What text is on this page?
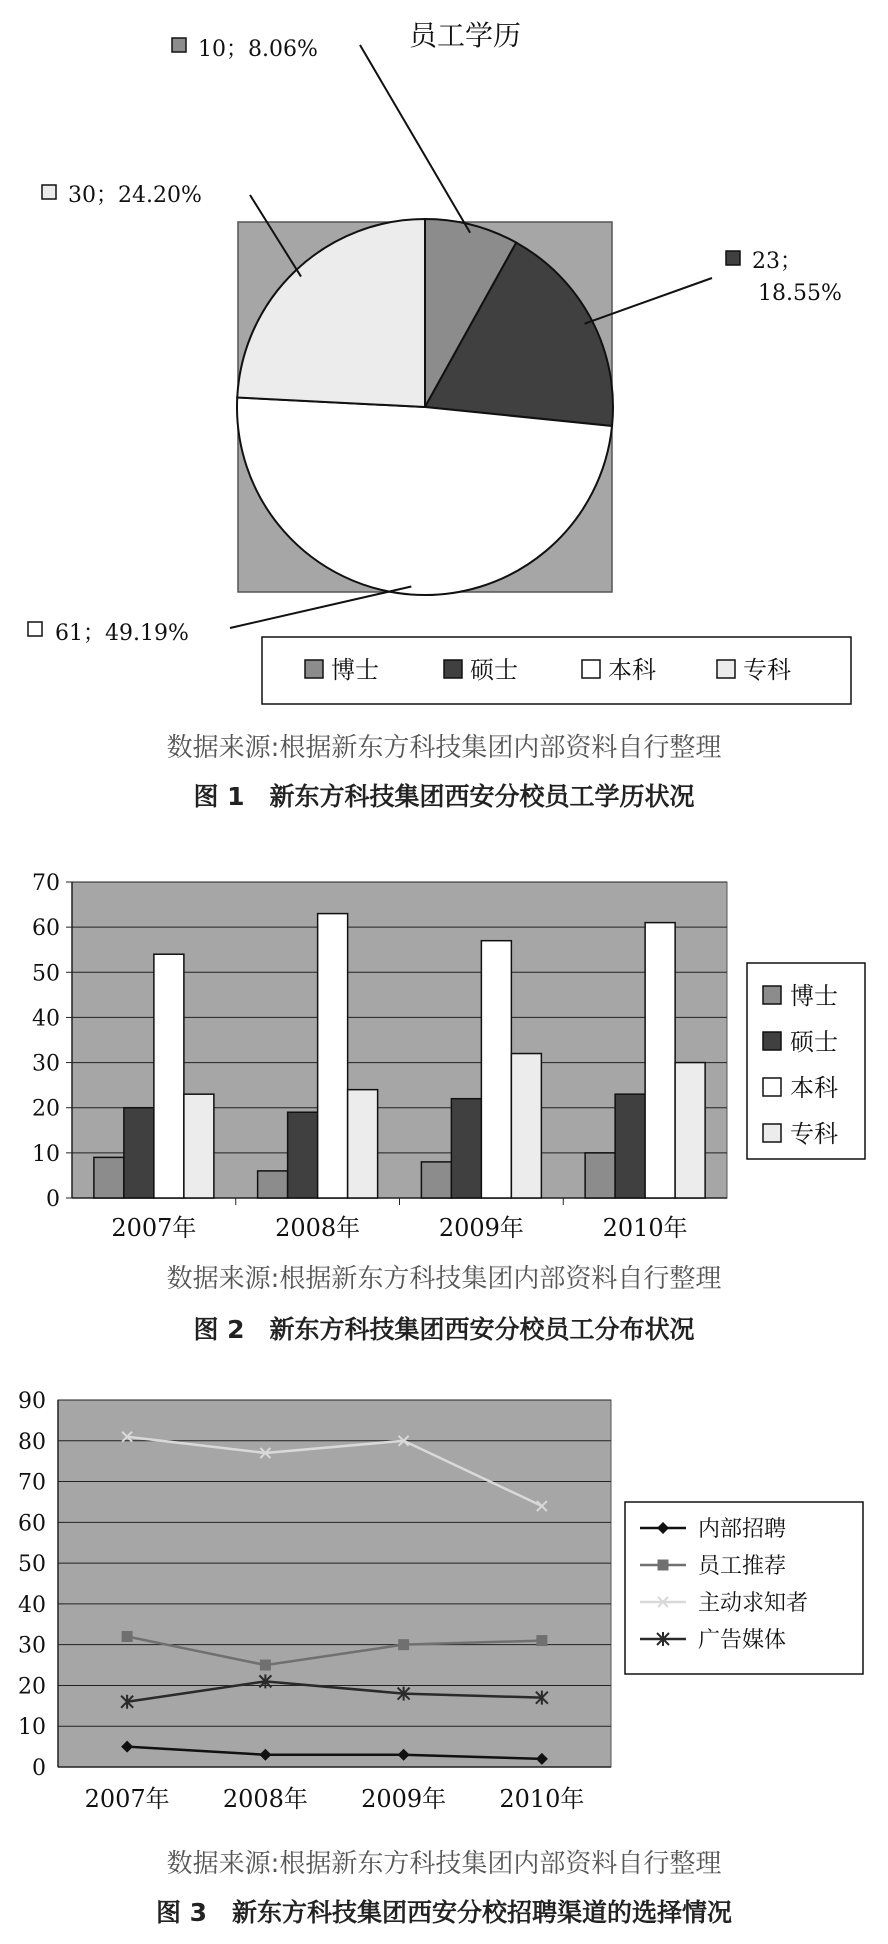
员工学历
10；8.06%
23；
18.55%
61；49.19%
30；24.20%
博士	硕士	本科	专科
数据来源:根据新东方科技集团内部资料自行整理
图 1　新东方科技集团西安分校员工学历状况
0
10
20
30
40
50
60
70
2007年	2008年	2009年	2010年
博士
硕士
本科
专科
数据来源:根据新东方科技集团内部资料自行整理
图 2　新东方科技集团西安分校员工分布状况
0
10
20
30
40
50
60
70
80
90
2007年 2008年 2009年 2010年
内部招聘
员工推荐
主动求知者
广告媒体
数据来源:根据新东方科技集团内部资料自行整理
图 3　新东方科技集团西安分校招聘渠道的选择情况
